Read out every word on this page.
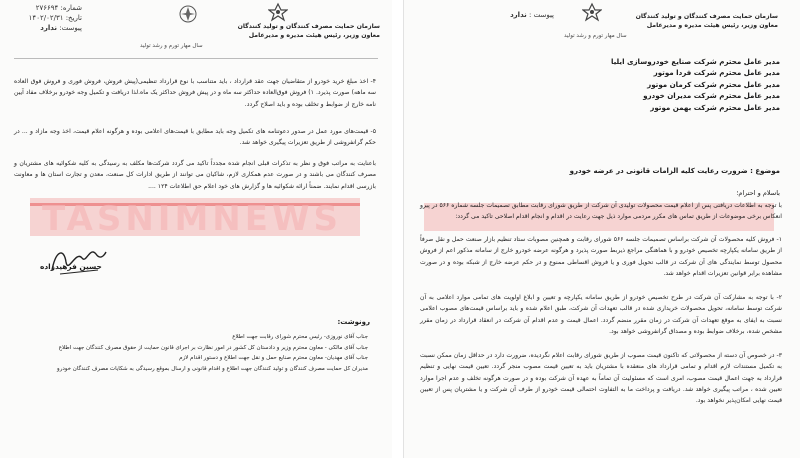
شماره: ۲۷۶۶۹۴
تاریخ: ۱۴۰۲/۰۲/۳۱
پیوست: ندارد	سازمان حمایت مصرف کنندگان و تولید کنندگان
معاون وزیر، رئیس هیئت مدیره و مدیرعامل
سال مهار تورم و رشد تولید
۴- اخذ مبلغ خرید خودرو از متقاضیان جهت عقد قرارداد ، باید متناسب با نوع قرارداد تنظیمی(پیش فروش، فروش فوری و فروش فوق العاده سه ماهه) صورت پذیرد. ۱) فروش فوق‌العاده حداکثر سه ماه و در پیش فروش حداکثر یک ماه.لذا دریافت و تکمیل وجه خودرو برخلاف مفاد آیین نامه خارج از ضوابط و تخلف بوده و باید اصلاح گردد.
۵- قیمت‌های مورد عمل در صدور دعوتنامه های تکمیل وجه باید مطابق با قیمت‌های اعلامی بوده و هرگونه اعلام قیمت، اخذ وجه مازاد و ... در حکم گرانفروشی از طریق تعزیرات پیگیری خواهد شد.
باعنایت به مراتب فوق و نظر به تذکرات قبلی انجام شده مجدداً تاکید می گردد شرکت‌ها مکلف به رسیدگی به کلیه شکوائیه های مشتریان و مصرف کنندگان می باشند و در صورت عدم همکاری لازم، شاکیان می توانند از طریق ادارات کل صنعت، معدن و تجارت استان ها و معاونت بازرسی اقدام نمایند. ضمناً ارائه شکوائیه ها و گزارش های خود اعلام حق اطلاعات ۱۲۴ ....
TASNIMNEWS
حسین فرهیدزاده
رونوشت:
جناب آقای نوروزی- رئیس محترم شورای رقابت جهت اطلاع
جناب آقای مالکی - معاون محترم وزیر و دادستان کل کشور در امور نظارت بر اجرای قانون حمایت از حقوق مصرف کنندگان جهت اطلاع
جناب آقای مهدیان- معاون محترم صنایع حمل و نقل جهت اطلاع و دستور اقدام لازم
مدیران کل حمایت مصرف کنندگان و تولید کنندگان جهت اطلاع و اقدام قانونی و ارسال بموقع رسیدگی به شکایات مصرف کنندگان خودرو
پیوست : ندارد	سازمان حمایت مصرف کنندگان و تولید کنندگان
معاون وزیر، رئیس هیئت مدیره و مدیرعامل
سال مهار تورم و رشد تولید
مدیر عامل محترم شرکت صنایع خودروسازی ایلیا
مدیر عامل محترم شرکت فردا موتور
مدیر عامل محترم شرکت کرمان موتور
مدیر عامل محترم شرکت مدیران خودرو
مدیر عامل محترم شرکت بهمن موتور
موضوع : ضرورت رعایت کلیه الزامات قانونی در عرضه خودرو
باسلام و احترام؛
با توجه به اطلاعات دریافتی پس از اعلام قیمت محصولات تولیدی آن شرکت از طریق شورای رقابت مطابق تصمیمات جلسه شماره ۵۶۶ در پیرو انعکاس برخی موضوعات از طریق تماس های مکرر مردمی موارد ذیل جهت رعایت در اقدام و انجام اقدام اصلاحی تاکید می گردد:
۱- فروش کلیه محصولات آن شرکت براساس تصمیمات جلسه ۵۶۶ شورای رقابت و همچنین مصوبات ستاد تنظیم بازار صنعت حمل و نقل صرفاً از طریق سامانه یکپارچه تخصیص خودرو و با هماهنگی مراجع ذیربط صورت پذیرد و هرگونه عرضه خودرو خارج از سامانه مذکور اعم از فروش محصول توسط نمایندگی های آن شرکت در قالب تحویل فوری و یا فروش اقساطی ممنوع و در حکم عرضه خارج از شبکه بوده و در صورت مشاهده برابر قوانین تعزیرات اقدام خواهد شد.
۲- با توجه به مشارکت آن شرکت در طرح تخصیص خودرو از طریق سامانه یکپارچه و تعیین و ابلاغ اولویت های تمامی موارد اعلامی به آن شرکت توسط سامانه، تحویل محصولات خریداری شده در قالب تعهدات آن شرکت، طبق اعلام شده و باید براساس قیمت‌های مصوب اعلامی نسبت به ایفای به موقع تعهدات آن شرکت در زمان مقرر منضم گردد. اعمال قیمت و عدم اقدام آن شرکت در انعقاد قرارداد در زمان مقرر مشخص شده، برخلاف ضوابط بوده و مصداق گرانفروشی خواهد بود.
۳- در خصوص آن دسته از محصولاتی که تاکنون قیمت مصوب از طریق شورای رقابت اعلام نگردیده، ضرورت دارد در حداقل زمان ممکن نسبت به تکمیل مستندات لازم اقدام و تمامی قرارداد های منعقده با مشتریان باید به تعیین قیمت مصوب منجر گردد. تعیین قیمت نهایی و تنظیم قرارداد به جهت اعمال قیمت مصوب، امری است که مسئولیت آن تماماً به عهده آن شرکت بوده و در صورت هرگونه تخلف و عدم اجرا موارد تعیین شده ، مراتب پیگیری خواهد شد. دریافت و پرداخت ما به التفاوت احتمالی قیمت خودرو از طرف آن شرکت و یا مشتریان پس از تعیین قیمت نهایی امکان‌پذیر نخواهد بود.
